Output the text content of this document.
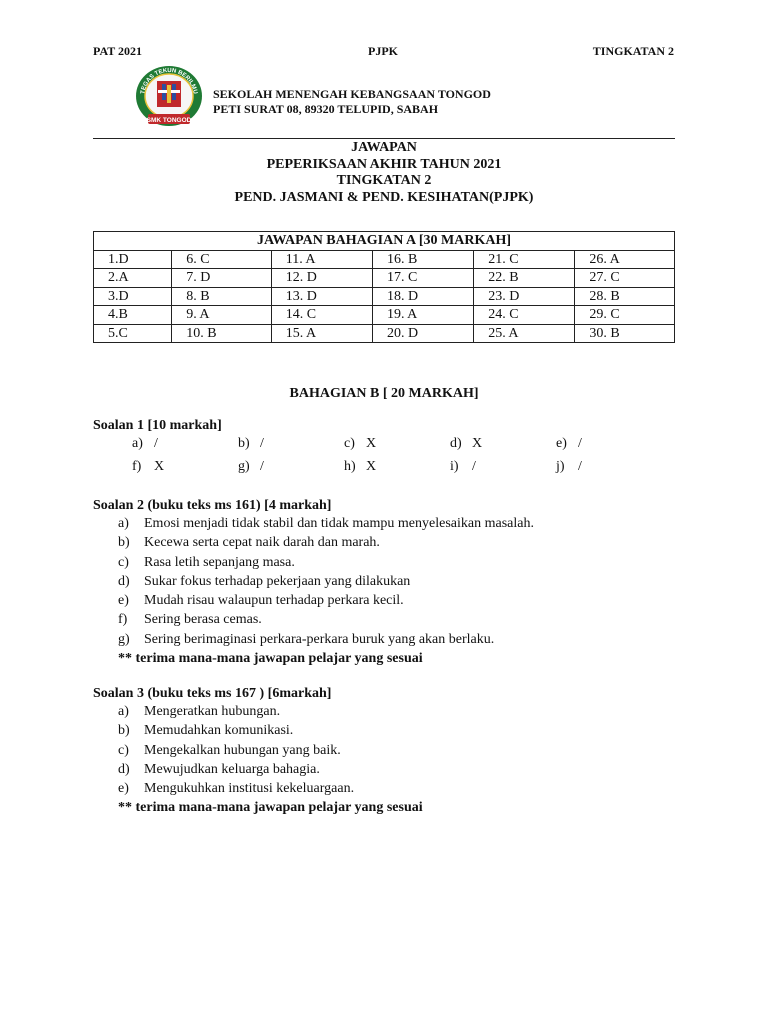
PAT 2021	PJPK	TINGKATAN 2
TEGAS TEKUN BERILMU
SMK TONGOD
SEKOLAH MENENGAH KEBANGSAAN TONGOD
PETI SURAT 08, 89320 TELUPID, SABAH
JAWAPAN
PEPERIKSAAN AKHIR TAHUN 2021
TINGKATAN 2
PEND. JASMANI & PEND. KESIHATAN(PJPK)
JAWAPAN BAHAGIAN A [30 MARKAH]					
1.D	6. C	11. A	16. B	21. C	26. A
2.A	7. D	12. D	17. C	22. B	27. C
3.D	8. B	13. D	18. D	23. D	28. B
4.B	9. A	14. C	19. A	24. C	29. C
5.C	10. B	15. A	20. D	25. A	30. B
BAHAGIAN B [ 20 MARKAH]
Soalan 1 [10 markah]
a) /	b) /	c) X	d) X	e) /
f) X	g) /	h) X	i) /	j) /
Soalan 2 (buku teks ms 161) [4 markah]
a) Emosi menjadi tidak stabil dan tidak mampu menyelesaikan masalah.
b) Kecewa serta cepat naik darah dan marah.
c) Rasa letih sepanjang masa.
d) Sukar fokus terhadap pekerjaan yang dilakukan
e) Mudah risau walaupun terhadap perkara kecil.
f) Sering berasa cemas.
g) Sering berimaginasi perkara-perkara buruk yang akan berlaku.
** terima mana-mana jawapan pelajar yang sesuai
Soalan 3 (buku teks ms 167 ) [6markah]
a) Mengeratkan hubungan.
b) Memudahkan komunikasi.
c) Mengekalkan hubungan yang baik.
d) Mewujudkan keluarga bahagia.
e) Mengukuhkan institusi kekeluargaan.
** terima mana-mana jawapan pelajar yang sesuai
